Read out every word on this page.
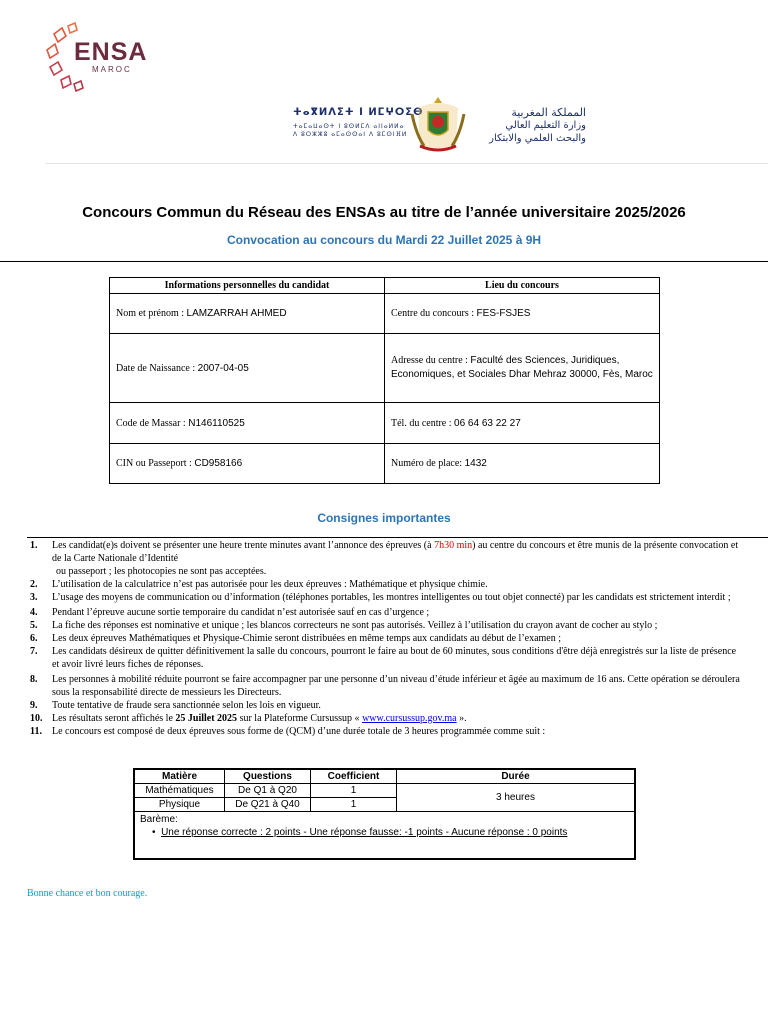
ENSA
MAROC
ⵜⴰⴳⵍⴷⵉⵜ ⵏ ⵍⵎⵖⵔⵉⴱ
ⵜⴰⵎⴰⵡⴰⵙⵜ ⵏ ⵓⵙⵍⵎⴷ ⴰⵏⵏⴰⵍⵍⴰ
ⴷ ⵓⵔⵣⵣⵓ ⴰⵎⴰⵙⵙⴰⵏ ⴷ ⵓⵎⵙⵏⴼⵍ
المملكة المغربية
وزارة التعليم العالي
والبحث العلمي والابتكار
Concours Commun du Réseau des ENSAs au titre de l’année universitaire 2025/2026
Convocation au concours du Mardi 22 Juillet 2025 à 9H
Informations personnelles du candidat	Lieu du concours
Nom et prénom : LAMZARRAH AHMED	Centre du concours : FES-FSJES
Date de Naissance : 2007-04-05	Adresse du centre : Faculté des Sciences, Juridiques, Economiques, et Sociales Dhar Mehraz 30000, Fès, Maroc
Code de Massar : N146110525	Tél. du centre : 06 64 63 22 27
CIN ou Passeport : CD958166	Numéro de place: 1432
Consignes importantes
1. Les candidat(e)s doivent se présenter une heure trente minutes avant l’annonce des épreuves (à 7h30 min) au centre du concours et être munis de la présente convocation et de la Carte Nationale d’Identité
ou passeport ; les photocopies ne sont pas acceptées.
2. L’utilisation de la calculatrice n’est pas autorisée pour les deux épreuves : Mathématique et physique chimie.
3. L’usage des moyens de communication ou d’information (téléphones portables, les montres intelligentes ou tout objet connecté) par les candidats est strictement interdit ;
4. Pendant l’épreuve aucune sortie temporaire du candidat n’est autorisée sauf en cas d’urgence ;
5. La fiche des réponses est nominative et unique ; les blancos correcteurs ne sont pas autorisés. Veillez à l’utilisation du crayon avant de cocher au stylo ;
6. Les deux épreuves Mathématiques et Physique-Chimie seront distribuées en même temps aux candidats au début de l’examen ;
7. Les candidats désireux de quitter définitivement la salle du concours, pourront le faire au bout de 60 minutes, sous conditions d'être déjà enregistrés sur la liste de présence et avoir livré leurs fiches de réponses.
8. Les personnes à mobilité réduite pourront se faire accompagner par une personne d’un niveau d’étude inférieur et âgée au maximum de 16 ans. Cette opération se déroulera sous la responsabilité directe de messieurs les Directeurs.
9. Toute tentative de fraude sera sanctionnée selon les lois en vigueur.
10. Les résultats seront affichés le 25 Juillet 2025 sur la Plateforme Cursussup « www.cursussup.gov.ma ».
11. Le concours est composé de deux épreuves sous forme de (QCM) d’une durée totale de 3 heures programmée comme suit :
Matière	Questions	Coefficient	Durée
Mathématiques	De Q1 à Q20	1	3 heures
Physique	De Q21 à Q40	1	

Barème:
•  Une réponse correcte : 2 points - Une réponse fausse: -1 points - Aucune réponse : 0 points			
Bonne chance et bon courage.
